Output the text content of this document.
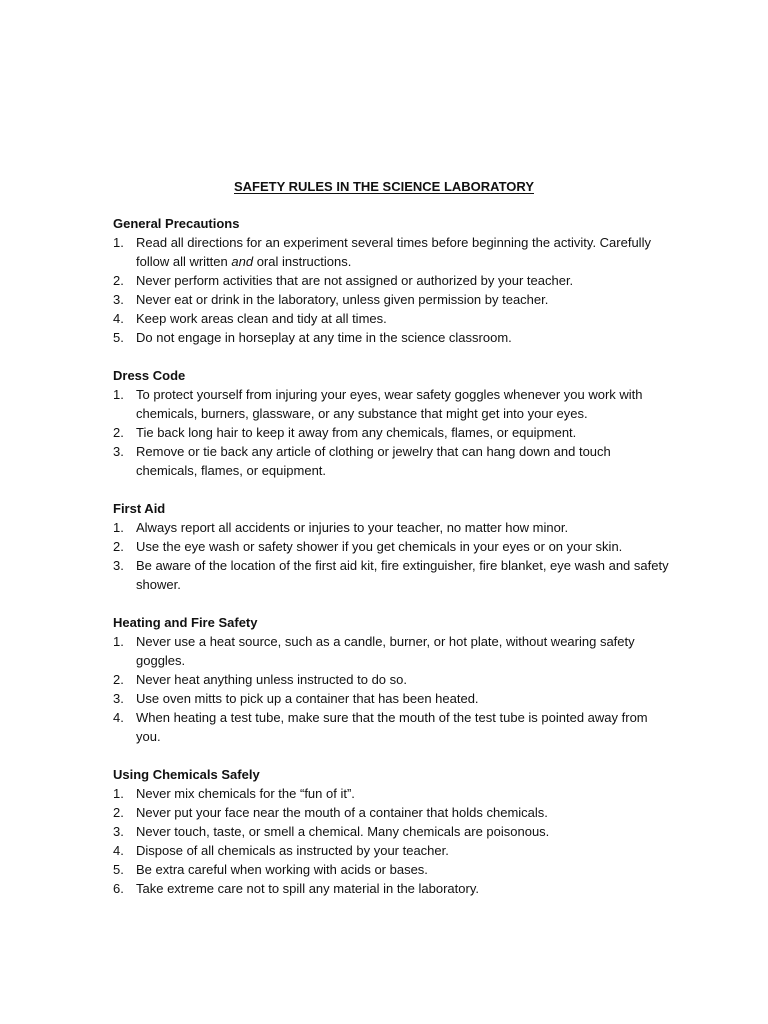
SAFETY RULES IN THE SCIENCE LABORATORY
General Precautions
1. Read all directions for an experiment several times before beginning the activity. Carefully follow all written and oral instructions.
2. Never perform activities that are not assigned or authorized by your teacher.
3. Never eat or drink in the laboratory, unless given permission by teacher.
4. Keep work areas clean and tidy at all times.
5. Do not engage in horseplay at any time in the science classroom.
Dress Code
1. To protect yourself from injuring your eyes, wear safety goggles whenever you work with chemicals, burners, glassware, or any substance that might get into your eyes.
2. Tie back long hair to keep it away from any chemicals, flames, or equipment.
3. Remove or tie back any article of clothing or jewelry that can hang down and touch chemicals, flames, or equipment.
First Aid
1. Always report all accidents or injuries to your teacher, no matter how minor.
2. Use the eye wash or safety shower if you get chemicals in your eyes or on your skin.
3. Be aware of the location of the first aid kit, fire extinguisher, fire blanket, eye wash and safety shower.
Heating and Fire Safety
1. Never use a heat source, such as a candle, burner, or hot plate, without wearing safety goggles.
2. Never heat anything unless instructed to do so.
3. Use oven mitts to pick up a container that has been heated.
4. When heating a test tube, make sure that the mouth of the test tube is pointed away from you.
Using Chemicals Safely
1. Never mix chemicals for the “fun of it”.
2. Never put your face near the mouth of a container that holds chemicals.
3. Never touch, taste, or smell a chemical. Many chemicals are poisonous.
4. Dispose of all chemicals as instructed by your teacher.
5. Be extra careful when working with acids or bases.
6. Take extreme care not to spill any material in the laboratory.
